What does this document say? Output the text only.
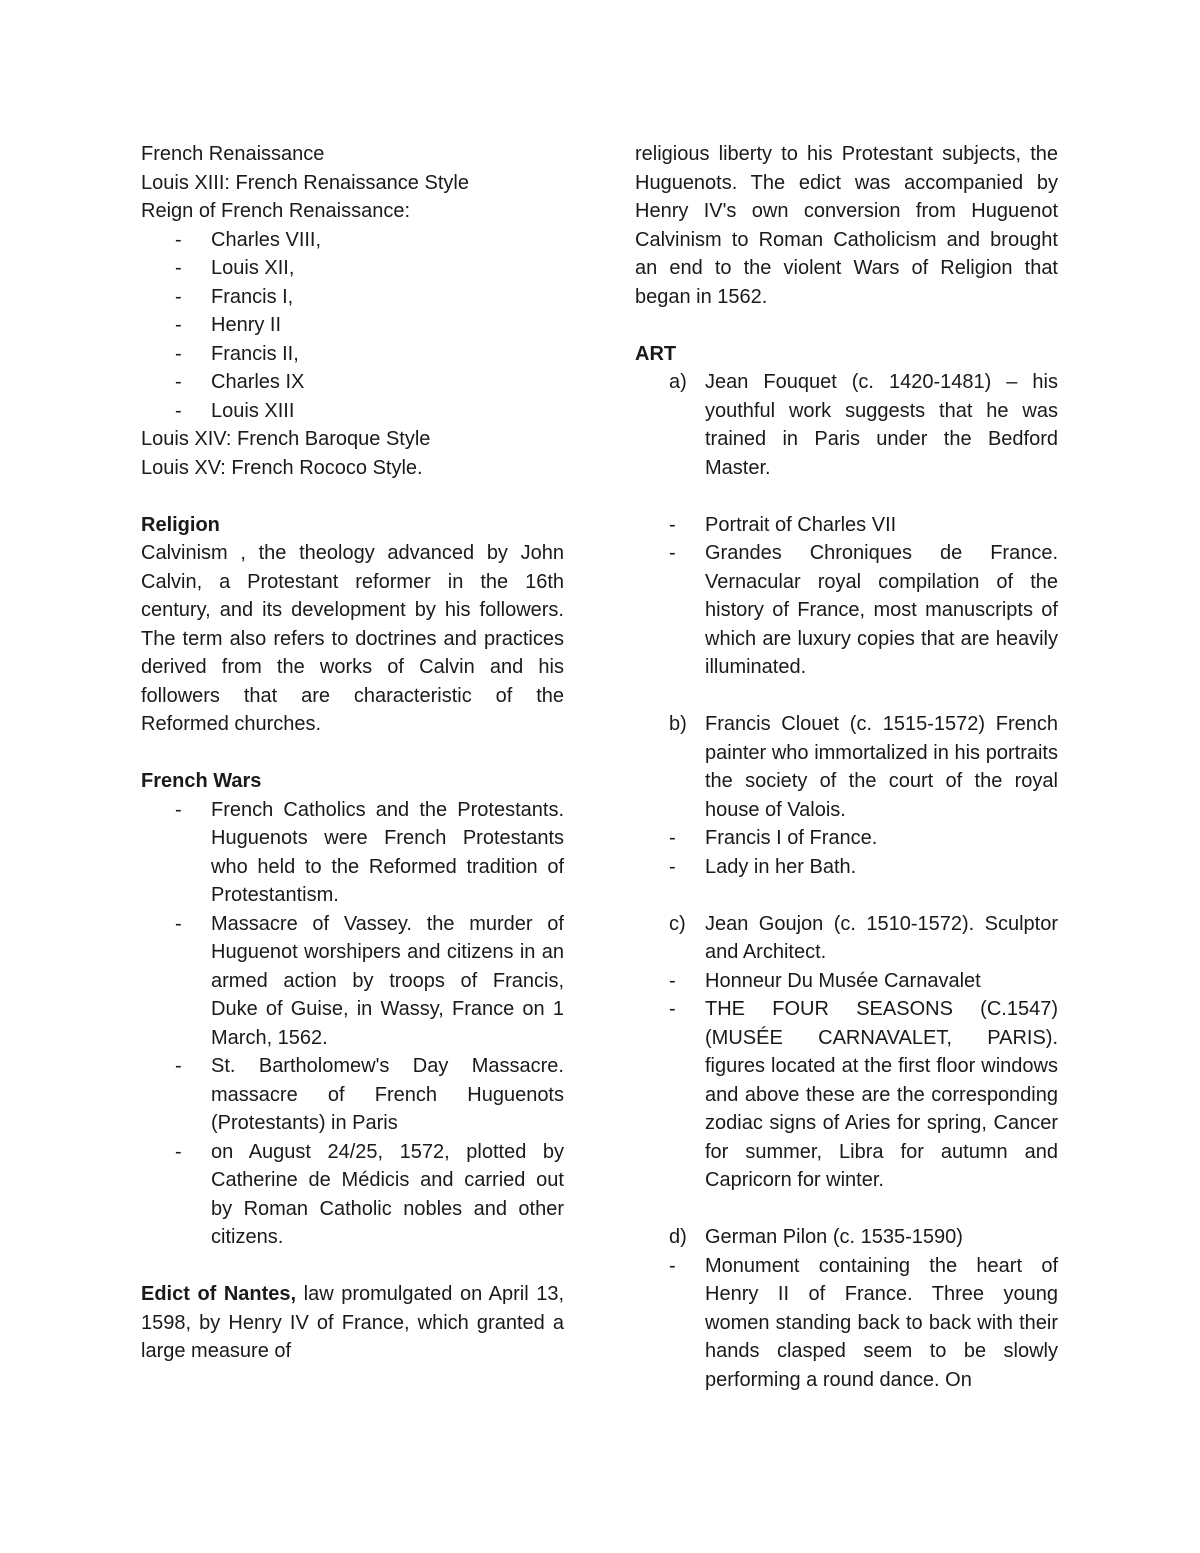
French Renaissance

Louis XIII: French Renaissance Style

Reign of French Renaissance:

- Charles VIII,
- Louis XII,
- Francis I,
- Henry II
- Francis II,
- Charles IX
- Louis XIII

Louis XIV: French Baroque Style

Louis XV: French Rococo Style.

Religion

Calvinism , the theology advanced by John Calvin, a Protestant reformer in the 16th century, and its development by his followers. The term also refers to doctrines and practices derived from the works of Calvin and his followers that are characteristic of the Reformed churches.

French Wars

- French Catholics and the Protestants. Huguenots were French Protestants who held to the Reformed tradition of Protestantism.
- Massacre of Vassey. the murder of Huguenot worshipers and citizens in an armed action by troops of Francis, Duke of Guise, in Wassy, France on 1 March, 1562.
- St. Bartholomew's Day Massacre. massacre of French Huguenots (Protestants) in Paris
- on August 24/25, 1572, plotted by Catherine de Médicis and carried out by Roman Catholic nobles and other citizens.

Edict of Nantes, law promulgated on April 13, 1598, by Henry IV of France, which granted a large measure of

religious liberty to his Protestant subjects, the Huguenots. The edict was accompanied by Henry IV's own conversion from Huguenot Calvinism to Roman Catholicism and brought an end to the violent Wars of Religion that began in 1562.

ART

a) Jean Fouquet (c. 1420-1481) – his youthful work suggests that he was trained in Paris under the Bedford Master.
- Portrait of Charles VII
- Grandes Chroniques de France. Vernacular royal compilation of the history of France, most manuscripts of which are luxury copies that are heavily illuminated.
b) Francis Clouet (c. 1515-1572) French painter who immortalized in his portraits the society of the court of the royal house of Valois.
- Francis I of France.
- Lady in her Bath.
c) Jean Goujon (c. 1510-1572). Sculptor and Architect.
- Honneur Du Musée Carnavalet
- THE FOUR SEASONS (C.1547) (MUSÉE CARNAVALET, PARIS). figures located at the first floor windows and above these are the corresponding zodiac signs of Aries for spring, Cancer for summer, Libra for autumn and Capricorn for winter.
d) German Pilon (c. 1535-1590)
- Monument containing the heart of Henry II of France. Three young women standing back to back with their hands clasped seem to be slowly performing a round dance. On
